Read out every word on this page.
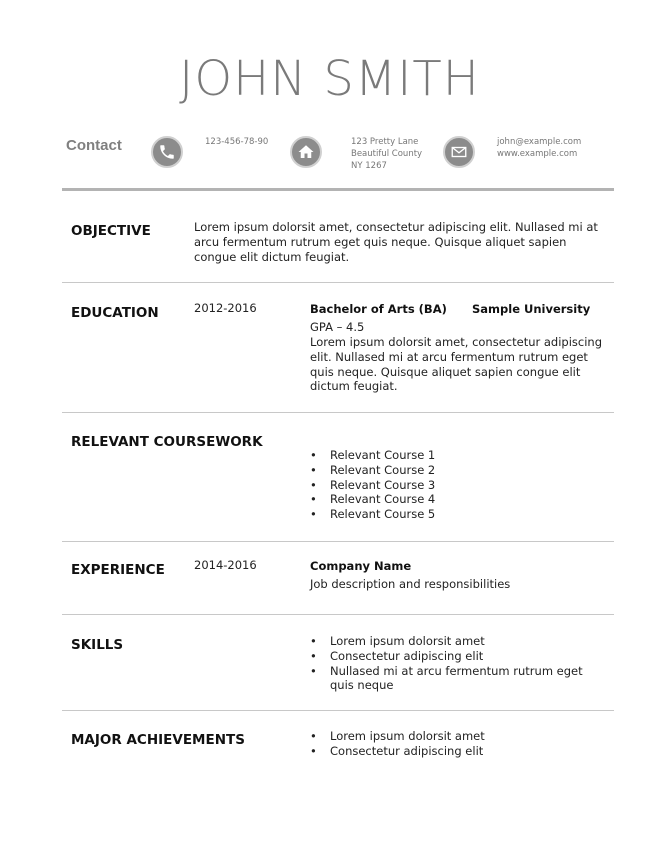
JOHN SMITH
Contact	123-456-78-90	123 Pretty Lane
Beautiful County
NY 1267
john@example.com
www.example.com
OBJECTIVE	Lorem ipsum dolorsit amet, consectetur adipiscing elit. Nullased mi at
arcu fermentum rutrum eget quis neque. Quisque aliquet sapien
congue elit dictum feugiat.
EDUCATION	2012-2016	Bachelor of Arts (BA) Sample University
GPA – 4.5
Lorem ipsum dolorsit amet, consectetur adipiscing
elit. Nullased mi at arcu fermentum rutrum eget
quis neque. Quisque aliquet sapien congue elit
dictum feugiat.
RELEVANT COURSEWORK
• Relevant Course 1
• Relevant Course 2
• Relevant Course 3
• Relevant Course 4
• Relevant Course 5
EXPERIENCE	2014-2016	Company Name
Job description and responsibilities
SKILLS	• Lorem ipsum dolorsit amet
• Consectetur adipiscing elit
• Nullased mi at arcu fermentum rutrum eget
quis neque
MAJOR ACHIEVEMENTS	• Lorem ipsum dolorsit amet
• Consectetur adipiscing elit
